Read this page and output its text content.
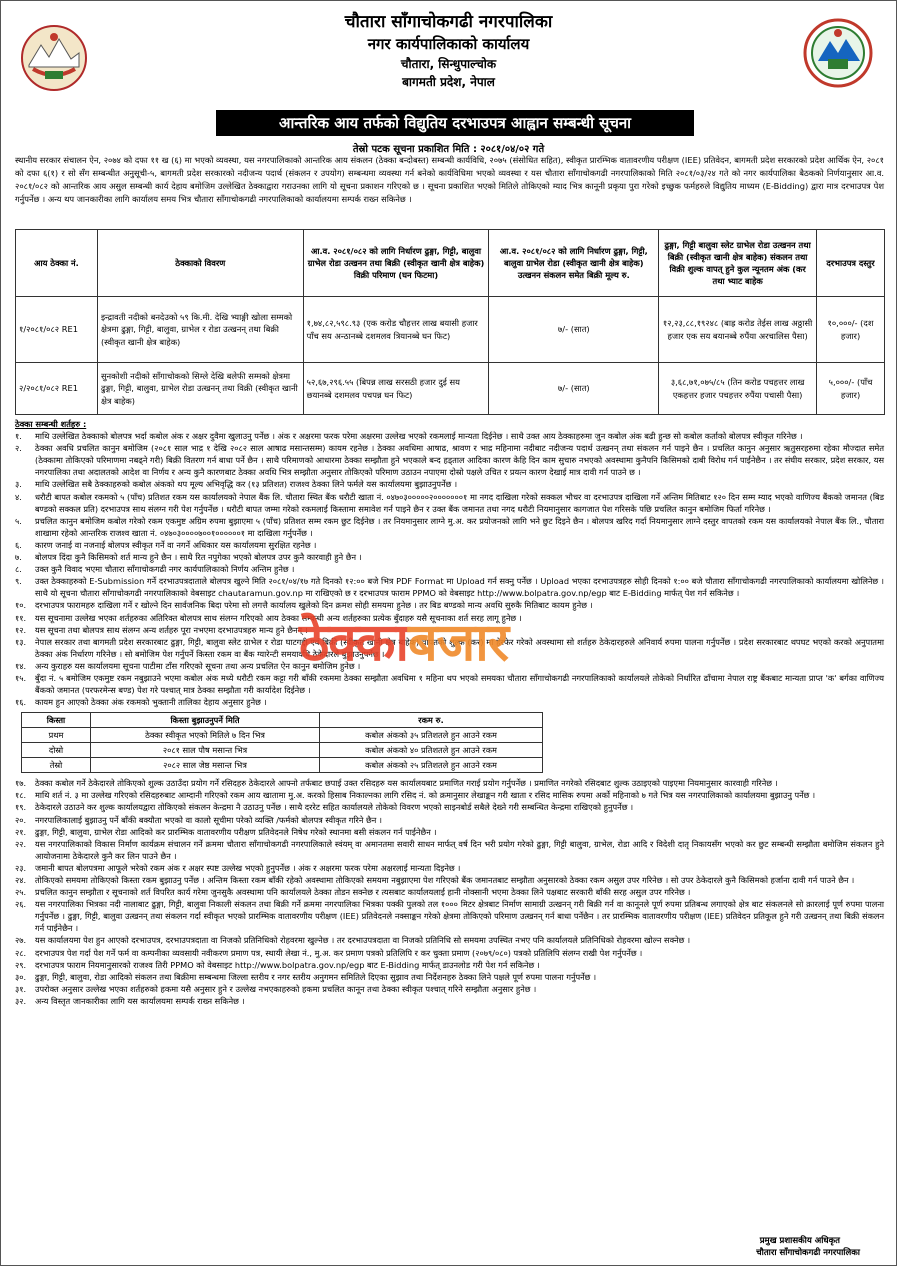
चौतारा साँगाचोकगढी नगरपालिका
नगर कार्यपालिकाको कार्यालय
चौतारा, सिन्धुपाल्चोक
बागमती प्रदेश, नेपाल
आन्तरिक आय तर्फको विद्युतिय दरभाउपत्र आह्वान सम्बन्धी सूचना
तेस्रो पटक सूचना प्रकाशित मिति : २०८१/०४/०२ गते
स्थानीय सरकार संचालन ऐन, २०७४ को दफा ११ ख (६) मा भएको व्यवस्था, यस नगरपालिकाको आन्तरिक आय संकलन (ठेक्का बन्दोबस्त) सम्बन्धी कार्यविधि, २०७५ (संसोधित सहित), स्वीकृत प्रारम्भिक वातावरणीय परीक्षण (IEE) प्रतिवेदन, बागमती प्रदेश सरकारको प्रदेश आर्थिक ऐन, २०८१ को दफा ६(१) र सो सँग सम्बन्धीत अनुसूची-५, बागमती प्रदेश सरकारको नदीजन्य पदार्थ (संकलन र उपयोग) सम्बन्धमा व्यवस्था गर्न बनेको कार्यविधिमा भएको व्यवस्था र यस चौतारा साँगाचोकगढी नगरपालिकाको मिति २०८१/०३/२४ गते को नगर कार्यपालिका बैठकको निर्णयानुसार आ.व. २०८१/०८२ को आन्तरिक आय असुल सम्बन्धी कार्य देहाय बमोजिम उल्लेखित ठेक्काद्वारा गराउनका लागि यो सूचना प्रकाशन गरिएको छ । सूचना प्रकाशित भएको मितिले तोकिएको म्याद भित्र कानूनी प्रकृया पुरा गरेको इच्छुक फर्महरुले विद्युतिय माध्यम (E-Bidding) द्वारा मात्र दरभाउपत्र पेश गर्नुपर्नेछ । अन्य थप जानकारीका लागि कार्यालय समय भित्र चौतारा साँगाचोकगढी नगरपालिकाको कार्यालयमा सम्पर्क राख्न सकिनेछ ।
आय ठेक्का नं.	ठेक्काको विवरण	आ.व. २०८१/०८२ को लागि निर्धारण ढुङ्गा, गिट्टी, बालुवा ग्राभेल रोडा उत्खनन तथा बिक्री (स्वीकृत खानी क्षेत्र बाहेक) विक्री परिमाण (घन फिटमा)	आ.व. २०८१/०८२ को लागि निर्धारण ढुङ्गा, गिट्टी, बालुवा ग्राभेल रोडा (स्वीकृत खानी क्षेत्र बाहेक) उत्खनन संकलन समेत बिक्री मूल्य रु.	ढुङ्गा, गिट्टी बालुवा स्लेट ग्राभेल रोडा उत्खनन तथा बिक्री (स्वीकृत खानी क्षेत्र बाहेक) संकलन तथा विक्री शुल्क वापत् हुने कुल न्यूनतम अंक (कर तथा भ्याट बाहेक	दरभाउपत्र दस्तुर
१/२०८१/०८२ RE1	इन्द्रावती नदीको बनदेउको ५९ कि.मी. देखि भ्याङ्गी खोला सम्मको क्षेत्रमा ढुङ्गा, गिट्टी, बालुवा, ग्राभेल र रोडा उत्खनन् तथा बिक्री (स्वीकृत खानी क्षेत्र बाहेक)	१,७४,८२,५९८.९३ (एक करोड चौहत्तर लाख बयासी हजार पाँच सय अन्ठानब्बे दशमलव त्रियानब्बे घन फिट)	७/- (सात)	१२,२३,८८,१९२४८ (बाह्र करोड तेईस लाख अठ्ठासी हजार एक सय बयानब्बे रुपैंया अरचालिस पैसा)	१०,०००/- (दश हजार)
२/२०८१/०८२ RE1	सुनकोशी नदीको साँगाचोकको सिम्ले देखि बलेफी सम्मको क्षेत्रमा ढुङ्गा, गिट्टी, बालुवा, ग्राभेल रोडा उत्खनन् तथा विक्री (स्वीकृत खानी क्षेत्र बाहेक)	५२,६७,२९६.५५ (बिपन्न लाख सरसठी हजार दुई सय छयानब्बे दशमलव पचपन्न घन फिट)	७/- (सात)	३,६८,७१,०७५/८५ (तिन करोड पचहत्तर लाख एकहत्तर हजार पचहत्तर रुपैंया पचासी पैसा)	५,०००/- (पाँच हजार)
ठेक्का सम्बन्धी शर्तहरु :
१.	माथि उल्लेखित ठेक्काको बोलपत्र भर्दा कबोल अंक र अक्षर दुवैमा खुलाउनु पर्नेछ । अंक र अक्षरमा फरक परेमा अक्षरमा उल्लेख भएको रकमलाई मान्यता दिईनेछ । साथै उक्त आय ठेक्काहरुमा जुन कबोल अंक बढी हुन्छ सो कबोल कर्ताको बोलपत्र स्वीकृत गरिनेछ ।
२.	ठेक्का अवधि प्रचलित कानुन बमोजिम (२०८१ साल भाद्र १ देखि २०८२ साल आषाढ मसान्तसम्म) कायम रहनेछ । ठेक्का अवधिमा आषाढ, श्रावण र भाद्र महिनामा नदीबाट नदीजन्य पदार्थ उत्खनन् तथा संकलन गर्न पाइने छैन । प्रचलित कानुन अनुसार ऋतुसरहरुमा रहेका मौज्दात समेत (ठेक्कामा तोकिएको परिमाणमा नबढ्ने गरी) बिक्री वितरण गर्न बाधा पर्ने छैन । साथै परिमाणको आधारमा ठेक्का सम्झौता हुने भएकाले बन्द हड्ताल आदिका कारण केहि दिन काम सुचारु नभएको अवस्थामा कुनैपनि किसिमको दाबी विरोध गर्न पाईनेछैन । तर संघीय सरकार, प्रदेश सरकार, यस नगरपालिका तथा अदालतको आदेश वा निर्णय र अन्य कुनै कारणबाट ठेक्का अवधि भित्र सम्झौता अनुसार तोकिएको परिमाण उठाउन नपाएमा दोस्रो पक्षले उचित र प्रयत्न कारण देखाई मात्र दावी गर्न पाउने छ ।
३.	माथि उल्लेखित सबै ठेक्काहरुको कबोल अंकको थप मूल्य अभिवृद्धि कर (१३ प्रतिशत) राजश्व ठेक्का लिने फर्मले यस कार्यालयमा बुझाउनुपर्नेछ ।
४.	धरौटी बापत कबोल रकमको ५ (पाँच) प्रतिशत रकम यस कार्यालयको नेपाल बैंक लि. चौतारा स्थित बैंक धरौटी खाता नं. ०४७०३०००००२०००००००१ मा नगद दाखिला गरेको सक्कल भौचर वा दरभाउपत्र दाखिला गर्ने अन्तिम मितिबाट १२० दिन सम्म म्याद भएको वाणिज्य बैंकको जमानत (बिड बण्डको सक्कल प्रति) दरभाउपत्र साथ संलग्न गरी पेश गर्नुपर्नेछ । धरौटी बापत जम्मा गरेको रकमलाई किस्तामा समावेश गर्न पाइने छैन र उक्त बैंक जमानत तथा नगद धरौटी नियमानुसार कागजात पेश गरिसके पछि प्रचलित कानुन बमोजिम फिर्ता गरिनेछ ।
५.	प्रचलित कानुन बमोजिम कबोल गरेको रकम एकमुष्ट अग्रिम रुपमा बुझाएमा ५ (पाँच) प्रतिशत सम्म रकम छुट दिईनेछ । तर नियमानुसार लाग्ने मु.अ. कर प्रयोजनको लागि भने छुट दिइने छैन । बोलपत्र खरिद गर्दा नियमानुसार लाग्ने दस्तुर वापतको रकम यस कार्यालयको नेपाल बैंक लि., चौतारा शाखामा रहेको आन्तरिक राजश्व खाता नं. ०४७०३००००७००१००००००१ मा दाखिला गर्नुपर्नेछ ।
६.	कारण जनाई वा नजनाई बोलपत्र स्वीकृत गर्ने वा नगर्ने अधिकार यस कार्यालयमा सुरक्षित रहनेछ ।
७.	बोलपत्र दिंदा कुनै किसिमको शर्त मान्य हुने छैन । साथै रित नपुगेका भएको बोलपत्र उपर कुनै कारवाही हुने छैन ।
८.	उक्त कुनै विवाद भएमा चौतारा साँगाचोकगढी नगर कार्यपालिकाको निर्णय अन्तिम हुनेछ ।
९.	उक्त ठेक्काहरुको E-Submission गर्ने दरभाउपत्रदाताले बोलपत्र खुल्ने मिति २०८१/०४/१७ गते दिनको १२:०० बजे भित्र PDF Format मा Upload गर्न सक्नु पर्नेछ । Upload भएका दरभाउपत्रहरु सोही दिनको १:०० बजे चौतारा साँगाचोकगढी नगरपालिकाको कार्यालयमा खोलिनेछ । साथै यो सूचना चौतारा साँगाचोकगढी नगरपालिकाको वेबसाइट chautaramun.gov.np मा राखिएको छ र दरभाउपत्र फाराम PPMO को वेबसाइट http://www.bolpatra.gov.np/egp बाट E-Bidding मार्फत् पेश गर्न सकिनेछ ।
१०.	दरभाउपत्र फारामहरु दाखिला गर्ने र खोल्ने दिन सार्वजनिक बिदा परेमा सो लगत्तै कार्यालय खुलेको दिन क्रमश सोही समयमा हुनेछ । तर बिड बण्डको मान्य अवधि सुरुकै मितिबाट कायम हुनेछ ।
११.	यस सूचनामा उल्लेख भएका शर्तहरुका अतिरिक्त बोलपत्र साथ संलग्न गरिएको आय ठेक्का सम्बन्धी अन्य शर्तहरुका प्रत्येक बुँदाहरु यसै सूचनाका शर्त सरह लागू हुनेछ ।
१२.	यस सूचना तथा बोलपत्र साथ संलग्न अन्य शर्तहरु पूरा नभएमा दरभाउपत्रहरु मान्य हुने छैनन् ।
१३.	नेपाल सरकार तथा बागमती प्रदेश सरकारबाट ढुङ्गा, गिट्टी, बालुवा स्लेट ग्राभेल र रोडा घाटगद्दी एवं बिक्री (स्वीकृत खानी क्षेत्र बाहेक) वापतको शुल्क (कर) मा हेरफेर गरेको अवस्थामा सो शर्तहरु ठेकेदारहरुले अनिवार्य रुपमा पालना गर्नुपर्नेछ । प्रदेश सरकारबाट थपघट भएको करको अनुपातमा ठेक्का अंक निर्धारण गरिनेछ । सो बमोजिम पेश गर्नुपर्ने किस्ता रकम वा बैंक ग्यारेन्टी समयावधि ठेकेदारले बुझाउनुपर्नेछ ।
१४.	अन्य कुराहरु यस कार्यालयमा सूचना पाटीमा टाँस गरिएको सूचना तथा अन्य प्रचलित ऐन कानुन बमोजिम हुनेछ ।
१५.	बुँदा नं. ५ बमोजिम एकमुष्ट रकम नबुझाउने भएमा कबोल अंक मध्ये धरौटी रकम कट्टा गरी बाँकी रकममा ठेक्का सम्झौता अवधिमा १ महिना थप भएको समयका चौतारा साँगाचोकगढी नगरपालिकाको कार्यालयले तोकेको निर्धारित ढाँचामा नेपाल राष्ट्र बैंकबाट मान्यता प्राप्त 'क' बर्गका वाणिज्य बैंकको जमानत (परफरमेन्स बण्ड) पेश गरे पश्चात् मात्र ठेक्का सम्झौता गरी कार्यादेश दिईनेछ ।
१६.	कायम हुन आएको ठेक्का अंक रकमको भुक्तानी तालिका देहाय अनुसार हुनेछ ।
किस्ता	किस्ता बुझाउनुपर्ने मिति	रकम रु.
प्रथम	ठेक्का स्वीकृत भएको मितिले ७ दिन भित्र	कबोल अंकको ३५ प्रतिशतले हुन आउने रकम
दोस्रो	२०८१ साल पौष मसान्त भित्र	कबोल अंकको ४० प्रतिशतले हुन आउने रकम
तेस्रो	२०८२ साल जेष्ठ मसान्त भित्र	कबोल अंकको २५ प्रतिशतले हुन आउने रकम
१७.	ठेक्का कबोल गर्ने ठेकेदारले तोकिएको शुल्क उठाउँदा प्रयोग गर्ने रसिदहरु ठेकेदारले आफ्नो तर्फबाट छपाई उक्त रसिदहरु यस कार्यालयबाट प्रमाणित गराई प्रयोग गर्नुपर्नेछ । प्रमाणित नगरेको रसिदबाट शुल्क उठाइएको पाइएमा नियमानुसार कारवाही गरिनेछ ।
१८.	माथि शर्त नं. ३ मा उल्लेख गरिएको रसिदहरुबाट आम्दानी गरिएको रकम आय खातामा मु.अ. करको हिसाब निकाल्नका लागि रसिद नं. को क्रमानुसार लेखाङ्कन गरी खाता र रसिद मासिक रुपमा अर्को महिनाको ७ गते भित्र यस नगरपालिकाको कार्यालयमा बुझाउनु पर्नेछ ।
१९.	ठेकेदारले उठाउने कर शुल्क कार्यालयद्वारा तोकिएको संकलन केन्द्रमा नै उठाउनु पर्नेछ । साथै दररेट सहित कार्यालयले तोकेको विवरण भएको साइनबोर्ड सबैले देख्ने गरी सम्बन्धित केन्द्रमा राखिएको हुनुपर्नेछ ।
२०.	नगरपालिकालाई बुझाउनु पर्ने बाँकी बक्यौता भएको वा कालो सूचीमा परेको व्यक्ति /फर्मको बोलपत्र स्वीकृत गरिने छैन ।
२१.	ढुङ्गा, गिट्टी, बालुवा, ग्राभेल रोडा आदिको कर प्रारम्भिक वातावरणीय परीक्षण प्रतिवेदनले निषेध गरेको स्थानमा बसी संकलन गर्न पाईनेछैन ।
२२.	यस नगरपालिकाको विकास निर्माण कार्यक्रम संचालन गर्ने क्रममा चौतारा साँगाचोकगढी नगरपालिकाले स्वंयम् वा अमानतमा सवारी साधन मार्फत् वर्ष दिन भरी प्रयोग गरेको ढुङ्गा, गिट्टी बालुवा, ग्राभेल, रोडा आदि र विदेशी दातृ निकायसँग भएको कर छुट सम्बन्धी सम्झौता बमोजिम संकलन हुने आयोजनामा ठेकेदारले कुनै कर लिन पाउने छैन ।
२३.	जमानी बापत बोलपत्रमा आफूले भरेको रकम अंक र अक्षर स्पष्ट उल्लेख भएको हुनुपर्नेछ । अंक र अक्षरमा फरक परेमा अक्षरलाई मान्यता दिइनेछ ।
२४.	तोकिएको समयमा तोकिएको किस्ता रकम बुझाउनु पर्नेछ । अन्तिम किस्ता रकम बाँकी रहेको अवस्थामा तोकिएको समयमा नबुझाएमा पेश गरिएको बैंक जमानतबाट सम्झौता अनुसारको ठेक्का रकम असुल उपर गरिनेछ । सो उपर ठेकेदारले कुनै किसिमको हर्जाना दावी गर्न पाउने छैन ।
२५.	प्रचलित कानुन सम्झौता र सूचनाको शर्त विपरित कार्य गरेमा जुनसुकै अवस्थामा पनि कार्यालयले ठेक्का तोडन सक्नेछ र त्यसबाट कार्यालयलाई हानी नोक्सानी भएमा ठेक्का लिने पक्षबाट सरकारी बाँकी सरह असुल उपर गरिनेछ ।
२६.	यस नगरपालिका भित्रका नदी नालाबाट ढुङ्गा, गिट्टी, बालुवा निकाली संकलन तथा बिक्री गर्ने क्रममा नगरपालिका भित्रका पक्की पुलको तल १००० मिटर क्षेत्रबाट निर्माण सामाग्री उत्खनन् गरी बिक्री गर्न वा कानूनले पूर्ण रुपमा प्रतिबन्ध लगाएको क्षेत्र बाट संकलनले सो क्रारलाई पूर्ण रुपमा पालना गर्नुपर्नेछ । ढुङ्गा, गिट्टी, बालुवा उत्खनन् तथा संकलन गर्दा स्वीकृत भएको प्रारम्भिक वातावरणीय परीक्षण (IEE) प्रतिवेदनले नक्साङ्कन गरेको क्षेत्रमा तोकिएको परिमाण उत्खनन् गर्न बाधा पर्नेछैन । तर प्रारम्भिक वातावरणीय परीक्षण (IEE) प्रतिवेदन प्रतिकूल हुने गरी उत्खनन् तथा बिक्री संकलन गर्न पाईनेछैन ।
२७.	यस कार्यालयमा पेश हुन आएको दरभाउपत्र, दरभाउपत्रदाता वा निजको प्रतिनिधिको रोहवरमा खुल्नेछ । तर दरभाउपत्रदाता वा निजको प्रतिनिधि सो समयमा उपस्थित नभए पनि कार्यालयले प्रतिनिधिको रोहवरमा खोल्न सक्नेछ ।
२८.	दरभाउपत्र पेश गर्दा पेश गर्ने फर्म वा कम्पनीका व्यवसायी नवीकरण प्रमाण पत्र, स्थायी लेखा नं., मु.अ. कर प्रमाण पत्रको प्रतिलिपि र कर चुक्ता प्रमाण (२०७९/०८०) पत्रको प्रतिलिपि संलग्न राखी पेश गर्नुपर्नेछ ।
२९.	दरभाउपत्र फाराम नियमानुसारको राजश्व तिरी PPMO को वेबसाइट http://www.bolpatra.gov.np/egp बाट E-Bidding मार्फत् डाउनलोड गरी पेश गर्न सकिनेछ ।
३०.	ढुङ्गा, गिट्टी, बालुवा, रोडा आदिको संकलन तथा बिक्रीमा सम्बन्धमा जिल्ला स्तरीय र नगर स्तरीय अनुगमन समितिले दिएका सुझाव तथा निर्देशनहरु ठेक्का लिने पक्षले पूर्ण रुपमा पालना गर्नुपर्नेछ ।
३१.	उपरोक्त अनुसार उल्लेख भएका शर्तहरुको हकमा यसै अनुसार हुने र उल्लेख नभएकाहरुको हकमा प्रचलित कानून तथा ठेक्का स्वीकृत पश्चात् गरिने सम्झौता अनुसार हुनेछ ।
३२.	अन्य विस्तृत जानकारीका लागि यस कार्यालयमा सम्पर्क राख्न सकिनेछ ।
ठेक्काबजार
प्रमुख प्रशासकीय अधिकृत
चौतारा साँगाचोकगढी नगरपालिका
